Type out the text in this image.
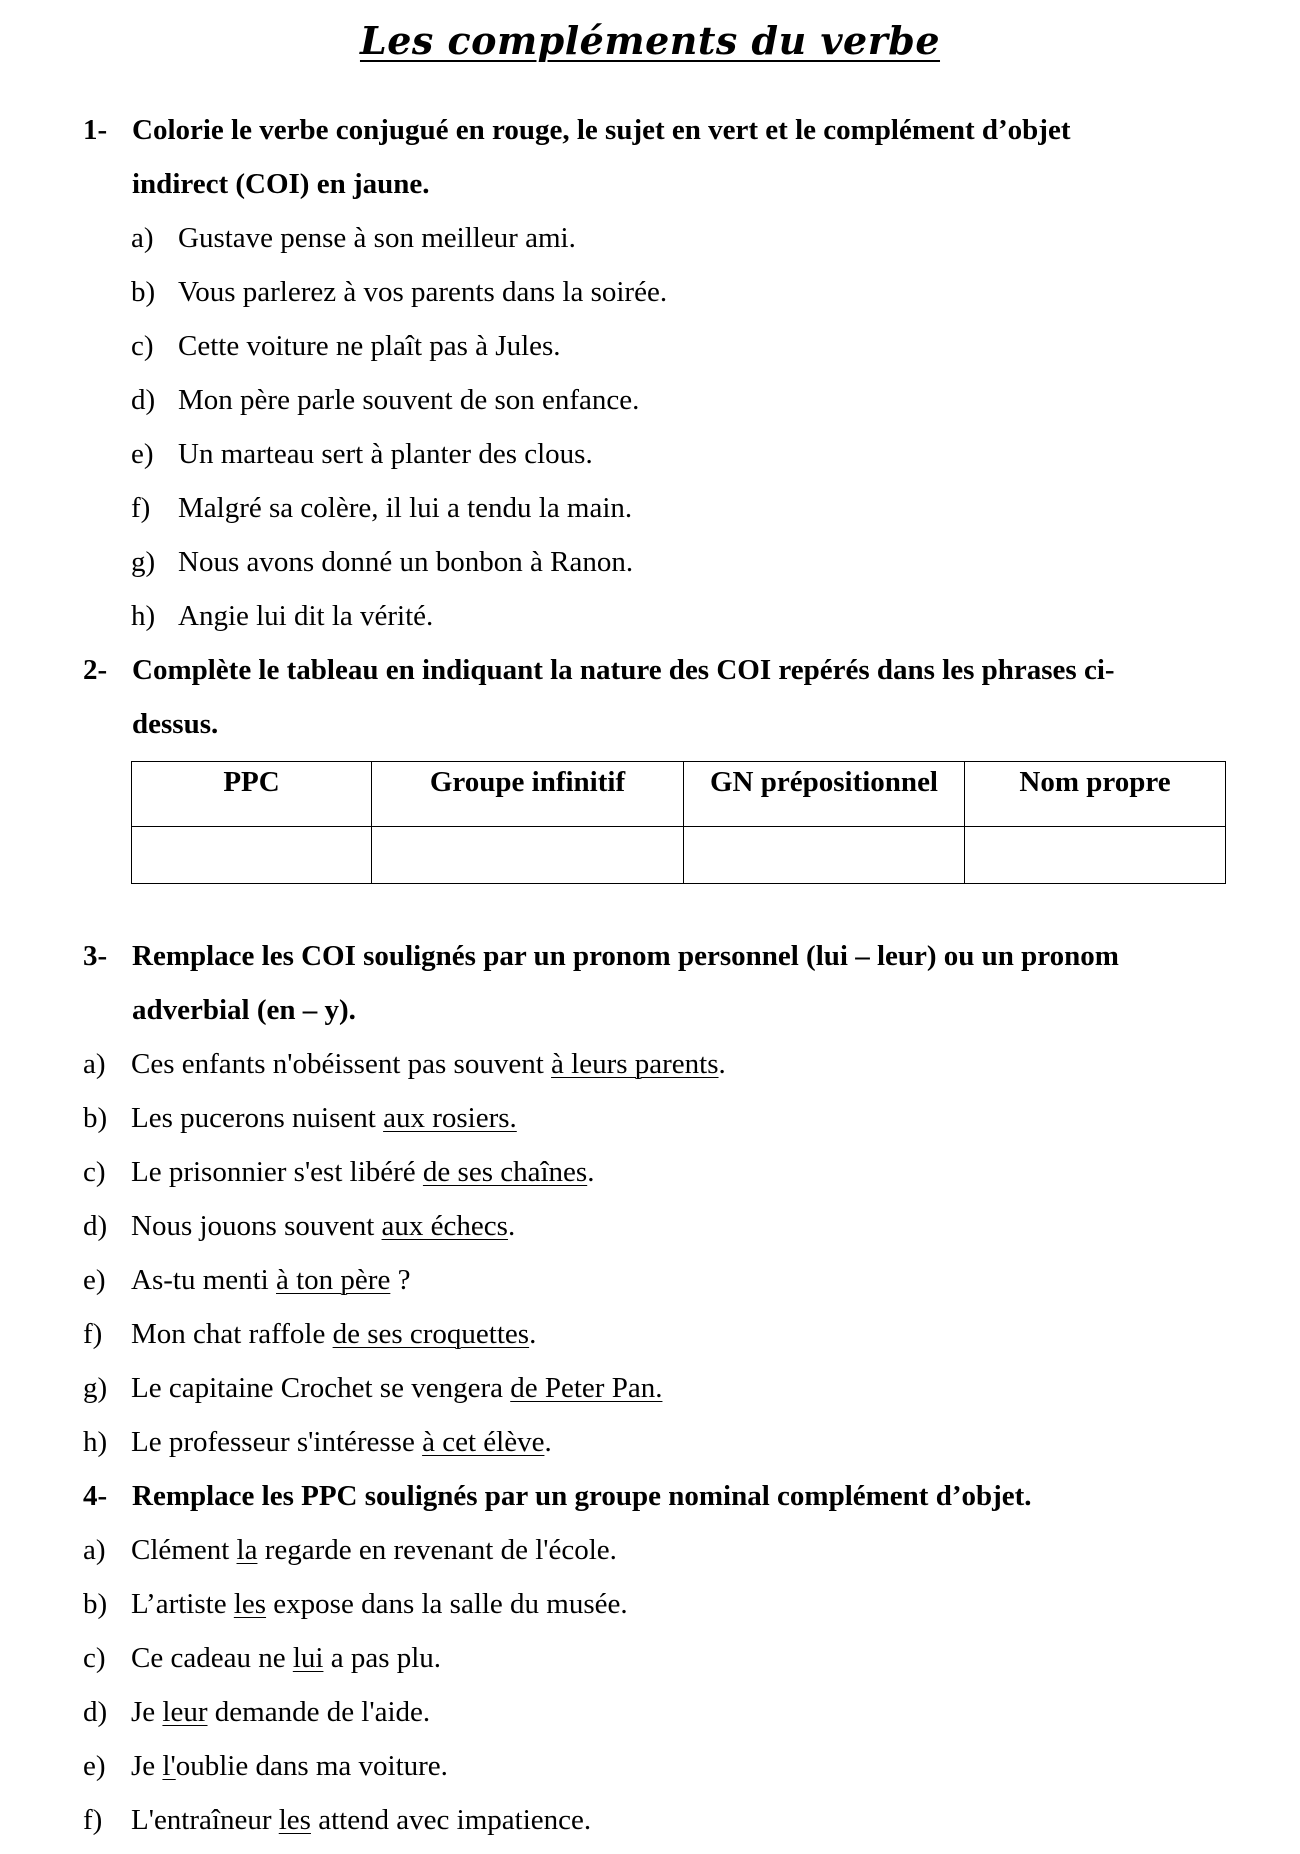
Les compléments du verbe
1- Colorie le verbe conjugué en rouge, le sujet en vert et le complément d’objet
indirect (COI) en jaune.
a) Gustave pense à son meilleur ami.
b) Vous parlerez à vos parents dans la soirée.
c) Cette voiture ne plaît pas à Jules.
d) Mon père parle souvent de son enfance.
e) Un marteau sert à planter des clous.
f) Malgré sa colère, il lui a tendu la main.
g) Nous avons donné un bonbon à Ranon.
h) Angie lui dit la vérité.
2- Complète le tableau en indiquant la nature des COI repérés dans les phrases ci-
dessus.
PPC	Groupe infinitif	GN prépositionnel	Nom propre

3- Remplace les COI soulignés par un pronom personnel (lui – leur) ou un pronom
adverbial (en – y).
a) Ces enfants n'obéissent pas souvent à leurs parents.
b) Les pucerons nuisent aux rosiers.
c) Le prisonnier s'est libéré de ses chaînes.
d) Nous jouons souvent aux échecs.
e) As-tu menti à ton père ?
f) Mon chat raffole de ses croquettes.
g) Le capitaine Crochet se vengera de Peter Pan.
h) Le professeur s'intéresse à cet élève.
4- Remplace les PPC soulignés par un groupe nominal complément d’objet.
a) Clément la regarde en revenant de l'école.
b) L’artiste les expose dans la salle du musée.
c) Ce cadeau ne lui a pas plu.
d) Je leur demande de l'aide.
e) Je l'oublie dans ma voiture.
f) L'entraîneur les attend avec impatience.
